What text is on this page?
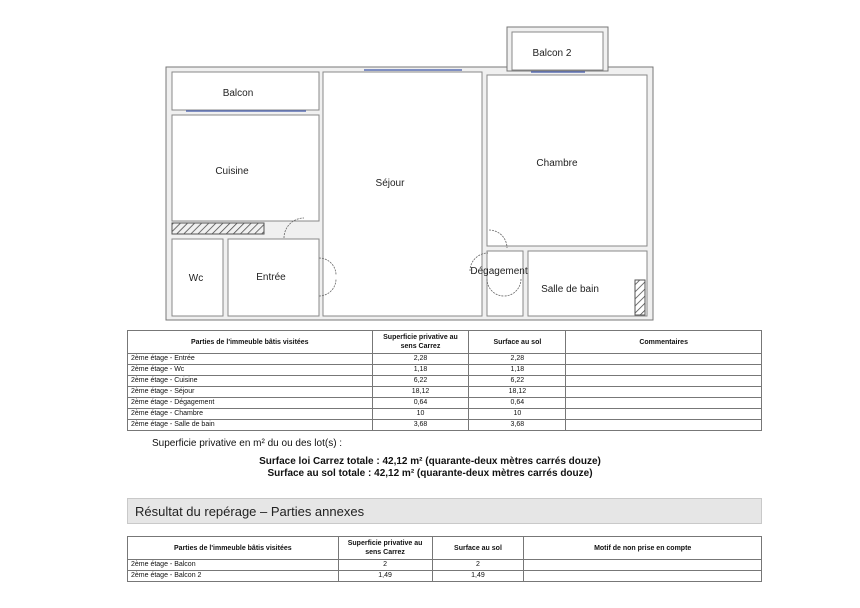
Balcon
Cuisine
Séjour
Balcon 2
Chambre
Wc	Entrée
Dégagement
Salle de bain
Parties de l'immeuble bâtis visitées	Superficie privative au sens Carrez	Surface au sol	Commentaires
2ème étage - Entrée	2,28	2,28	
2ème étage - Wc	1,18	1,18	
2ème étage - Cuisine	6,22	6,22	
2ème étage - Séjour	18,12	18,12	
2ème étage - Dégagement	0,64	0,64	
2ème étage - Chambre	10	10	
2ème étage - Salle de bain	3,68	3,68	
Superficie privative en m² du ou des lot(s) :
Surface loi Carrez totale : 42,12 m² (quarante-deux mètres carrés douze)
Surface au sol totale : 42,12 m² (quarante-deux mètres carrés douze)
Résultat du repérage – Parties annexes
Parties de l'immeuble bâtis visitées	Superficie privative au sens Carrez	Surface au sol	Motif de non prise en compte
2ème étage - Balcon	2	2	
2ème étage - Balcon 2	1,49	1,49	
